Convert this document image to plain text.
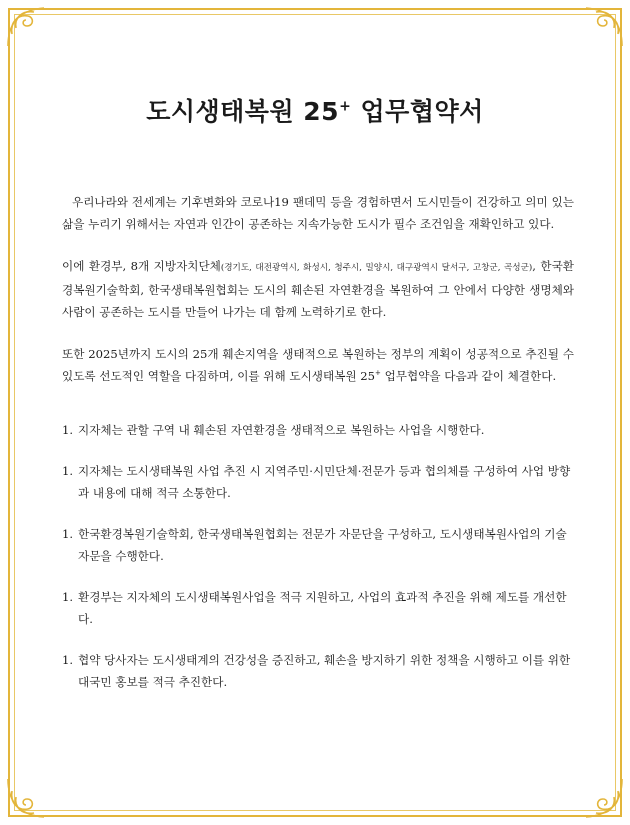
도시생태복원 25+ 업무협약서

우리나라와 전세계는 기후변화와 코로나19 팬데믹 등을 경험하면서 도시민들이 건강하고 의미 있는 삶을 누리기 위해서는 자연과 인간이 공존하는 지속가능한 도시가 필수 조건임을 재확인하고 있다.

이에 환경부, 8개 지방자치단체(경기도, 대전광역시, 화성시, 청주시, 밀양시, 대구광역시 달서구, 고창군, 곡성군), 한국환경복원기술학회, 한국생태복원협회는 도시의 훼손된 자연환경을 복원하여 그 안에서 다양한 생명체와 사람이 공존하는 도시를 만들어 나가는 데 함께 노력하기로 한다.

또한 2025년까지 도시의 25개 훼손지역을 생태적으로 복원하는 정부의 계획이 성공적으로 추진될 수 있도록 선도적인 역할을 다짐하며, 이를 위해 도시생태복원 25+ 업무협약을 다음과 같이 체결한다.

1. 지자체는 관할 구역 내 훼손된 자연환경을 생태적으로 복원하는 사업을 시행한다.
1. 지자체는 도시생태복원 사업 추진 시 지역주민·시민단체·전문가 등과 협의체를 구성하여 사업 방향과 내용에 대해 적극 소통한다.
1. 한국환경복원기술학회, 한국생태복원협회는 전문가 자문단을 구성하고, 도시생태복원사업의 기술 자문을 수행한다.
1. 환경부는 지자체의 도시생태복원사업을 적극 지원하고, 사업의 효과적 추진을 위해 제도를 개선한다.
1. 협약 당사자는 도시생태계의 건강성을 증진하고, 훼손을 방지하기 위한 정책을 시행하고 이를 위한 대국민 홍보를 적극 추진한다.
